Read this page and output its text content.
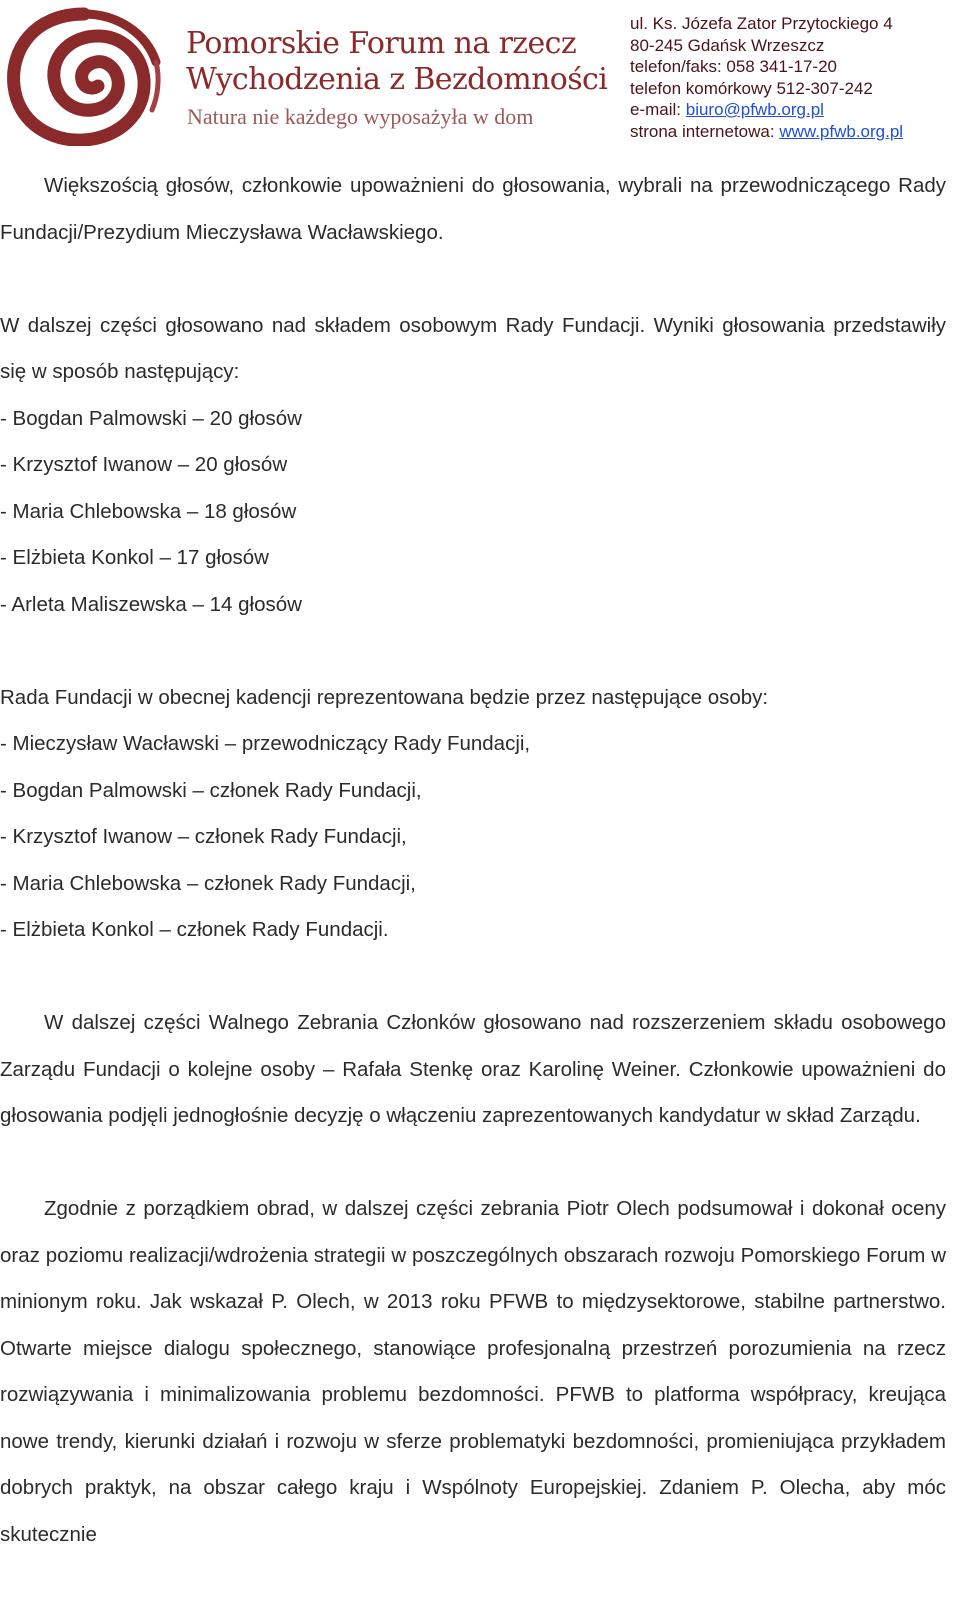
Pomorskie Forum na rzecz
Wychodzenia z Bezdomności
Natura nie każdego wyposażyła w dom
ul. Ks. Józefa Zator Przytockiego 4
80-245 Gdańsk Wrzeszcz
telefon/faks: 058 341-17-20
telefon komórkowy 512-307-242
e-mail: biuro@pfwb.org.pl
strona internetowa: www.pfwb.org.pl

Większością głosów, członkowie upoważnieni do głosowania, wybrali na przewodniczącego Rady Fundacji/Prezydium Mieczysława Wacławskiego.

W dalszej części głosowano nad składem osobowym Rady Fundacji. Wyniki głosowania przedstawiły się w sposób następujący:

- Bogdan Palmowski – 20 głosów
- Krzysztof Iwanow – 20 głosów
- Maria Chlebowska – 18 głosów
- Elżbieta Konkol – 17 głosów
- Arleta Maliszewska – 14 głosów

Rada Fundacji w obecnej kadencji reprezentowana będzie przez następujące osoby:

- Mieczysław Wacławski – przewodniczący Rady Fundacji,
- Bogdan Palmowski – członek Rady Fundacji,
- Krzysztof Iwanow – członek Rady Fundacji,
- Maria Chlebowska – członek Rady Fundacji,
- Elżbieta Konkol – członek Rady Fundacji.

W dalszej części Walnego Zebrania Członków głosowano nad rozszerzeniem składu osobowego Zarządu Fundacji o kolejne osoby – Rafała Stenkę oraz Karolinę Weiner. Członkowie upoważnieni do głosowania podjęli jednogłośnie decyzję o włączeniu zaprezentowanych kandydatur w skład Zarządu.

Zgodnie z porządkiem obrad, w dalszej części zebrania Piotr Olech podsumował i dokonał oceny oraz poziomu realizacji/wdrożenia strategii w poszczególnych obszarach rozwoju Pomorskiego Forum w minionym roku. Jak wskazał P. Olech, w 2013 roku PFWB to międzysektorowe, stabilne partnerstwo. Otwarte miejsce dialogu społecznego, stanowiące profesjonalną przestrzeń porozumienia na rzecz rozwiązywania i minimalizowania problemu bezdomności. PFWB to platforma współpracy, kreująca nowe trendy, kierunki działań i rozwoju w sferze problematyki bezdomności, promieniująca przykładem dobrych praktyk, na obszar całego kraju i Wspólnoty Europejskiej. Zdaniem P. Olecha, aby móc skutecznie
